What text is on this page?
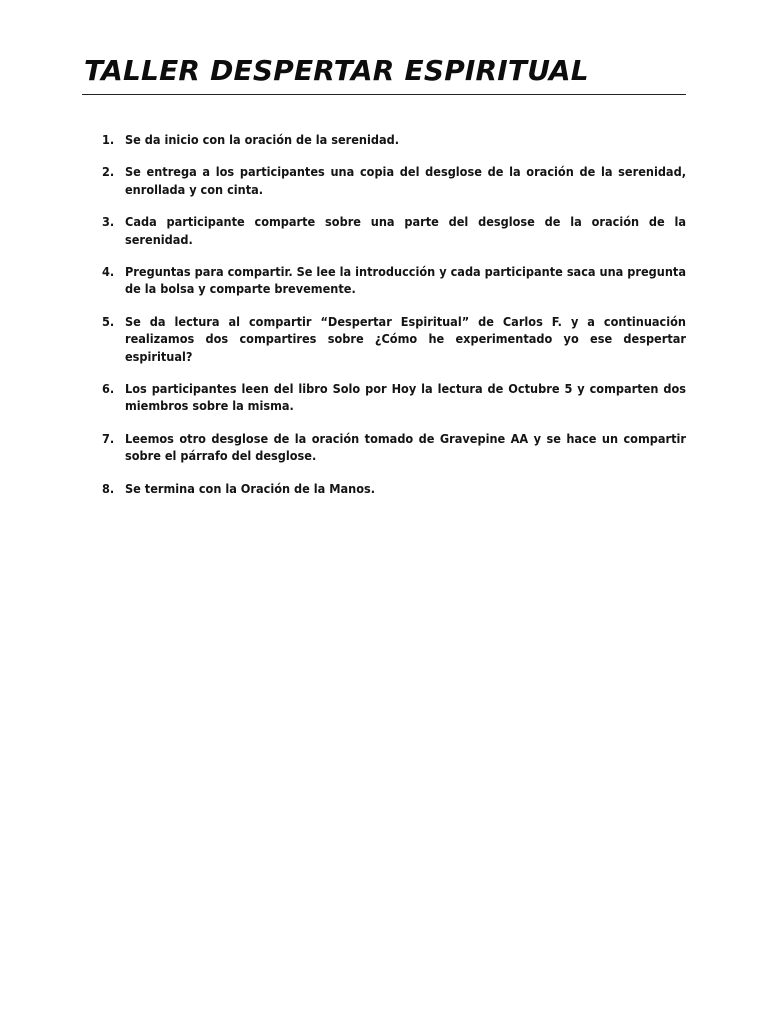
TALLER DESPERTAR ESPIRITUAL
1. Se da inicio con la oración de la serenidad.
2. Se entrega a los participantes una copia del desglose de la oración de la serenidad, enrollada y con cinta.
3. Cada participante comparte sobre una parte del desglose de la oración de la serenidad.
4. Preguntas para compartir. Se lee la introducción y cada participante saca una pregunta de la bolsa y comparte brevemente.
5. Se da lectura al compartir “Despertar Espiritual” de Carlos F. y a continuación realizamos dos compartires sobre ¿Cómo he experimentado yo ese despertar espiritual?
6. Los participantes leen del libro Solo por Hoy la lectura de Octubre 5 y comparten dos miembros sobre la misma.
7. Leemos otro desglose de la oración tomado de Gravepine AA y se hace un compartir sobre el párrafo del desglose.
8. Se termina con la Oración de la Manos.
